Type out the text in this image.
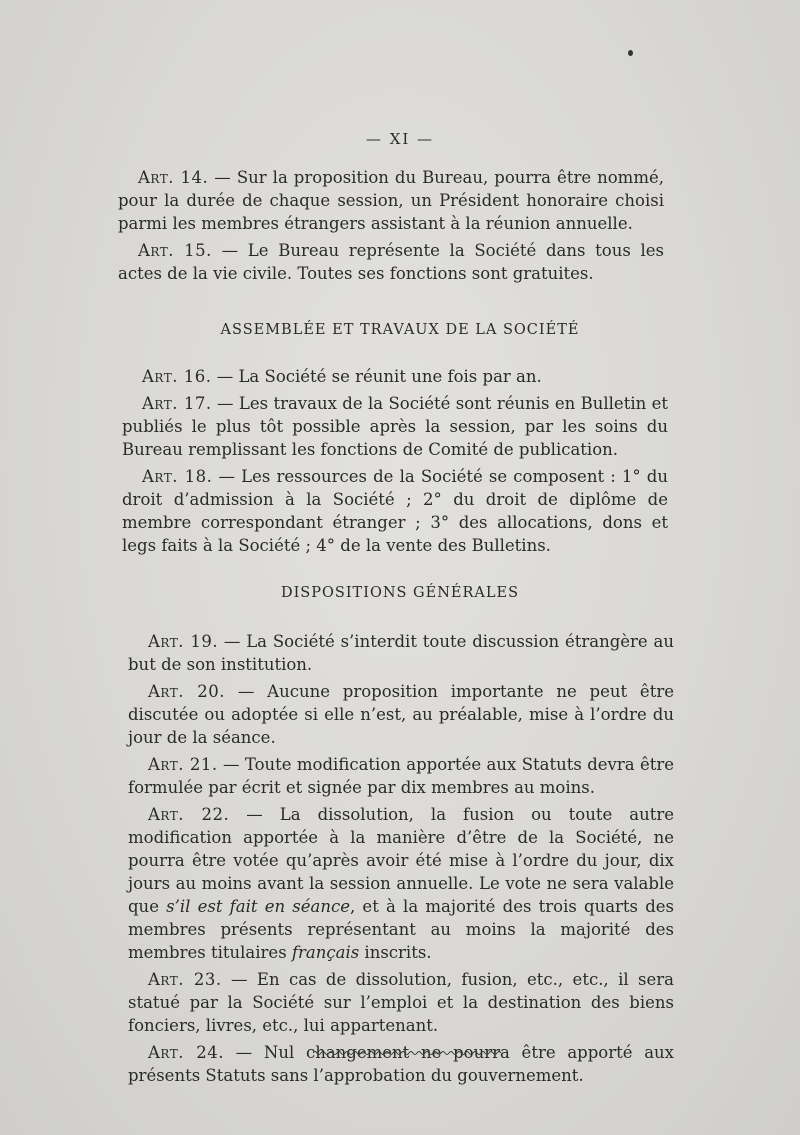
— XI —

Art. 14. — Sur la proposition du Bureau, pourra être nommé, pour la durée de chaque session, un Président honoraire choisi parmi les membres étrangers assistant à la réunion annuelle.

Art. 15. — Le Bureau représente la Société dans tous les actes de la vie civile. Toutes ses fonctions sont gratuites.

ASSEMBLÉE ET TRAVAUX DE LA SOCIÉTÉ

Art. 16. — La Société se réunit une fois par an.

Art. 17. — Les travaux de la Société sont réunis en Bulletin et publiés le plus tôt possible après la session, par les soins du Bureau remplissant les fonctions de Comité de publication.

Art. 18. — Les ressources de la Société se composent : 1° du droit d’admission à la Société ; 2° du droit de diplôme de membre correspondant étranger ; 3° des allocations, dons et legs faits à la Société ; 4° de la vente des Bulletins.

DISPOSITIONS GÉNÉRALES

Art. 19. — La Société s’interdit toute discussion étrangère au but de son institution.

Art. 20. — Aucune proposition importante ne peut être discutée ou adoptée si elle n’est, au préalable, mise à l’ordre du jour de la séance.

Art. 21. — Toute modification apportée aux Statuts devra être formulée par écrit et signée par dix membres au moins.

Art. 22. — La dissolution, la fusion ou toute autre modification apportée à la manière d’être de la Société, ne pourra être votée qu’après avoir été mise à l’ordre du jour, dix jours au moins avant la session annuelle. Le vote ne sera valable que s’il est fait en séance, et à la majorité des trois quarts des membres présents représentant au moins la majorité des membres titulaires français inscrits.

Art. 23. — En cas de dissolution, fusion, etc., etc., il sera statué par la Société sur l’emploi et la destination des biens fonciers, livres, etc., lui appartenant.

Art. 24. — Nul changement ne pourra être apporté aux présents Statuts sans l’approbation du gouvernement.
